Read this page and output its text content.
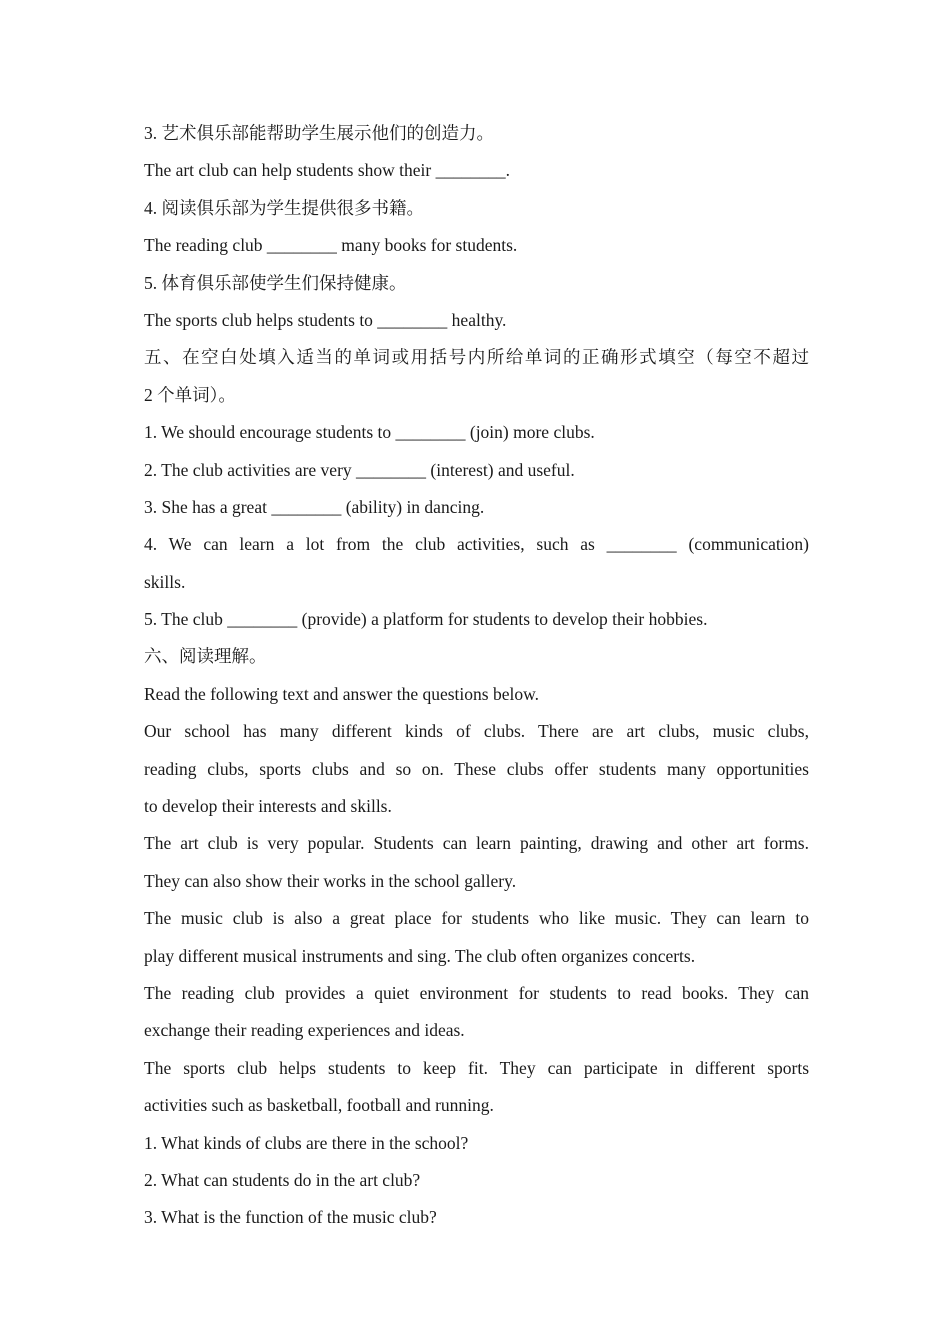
3. 艺术俱乐部能帮助学生展示他们的创造力。
The art club can help students show their ________.
4. 阅读俱乐部为学生提供很多书籍。
The reading club ________ many books for students.
5. 体育俱乐部使学生们保持健康。
The sports club helps students to ________ healthy.
五、在空白处填入适当的单词或用括号内所给单词的正确形式填空（每空不超过
2 个单词）。
1. We should encourage students to ________ (join) more clubs.
2. The club activities are very ________ (interest) and useful.
3. She has a great ________ (ability) in dancing.
4. We can learn a lot from the club activities, such as ________ (communication)
skills.
5. The club ________ (provide) a platform for students to develop their hobbies.
六、阅读理解。
Read the following text and answer the questions below.
Our school has many different kinds of clubs. There are art clubs, music clubs,
reading clubs, sports clubs and so on. These clubs offer students many opportunities
to develop their interests and skills.
The art club is very popular. Students can learn painting, drawing and other art forms.
They can also show their works in the school gallery.
The music club is also a great place for students who like music. They can learn to
play different musical instruments and sing. The club often organizes concerts.
The reading club provides a quiet environment for students to read books. They can
exchange their reading experiences and ideas.
The sports club helps students to keep fit. They can participate in different sports
activities such as basketball, football and running.
1. What kinds of clubs are there in the school?
2. What can students do in the art club?
3. What is the function of the music club?
